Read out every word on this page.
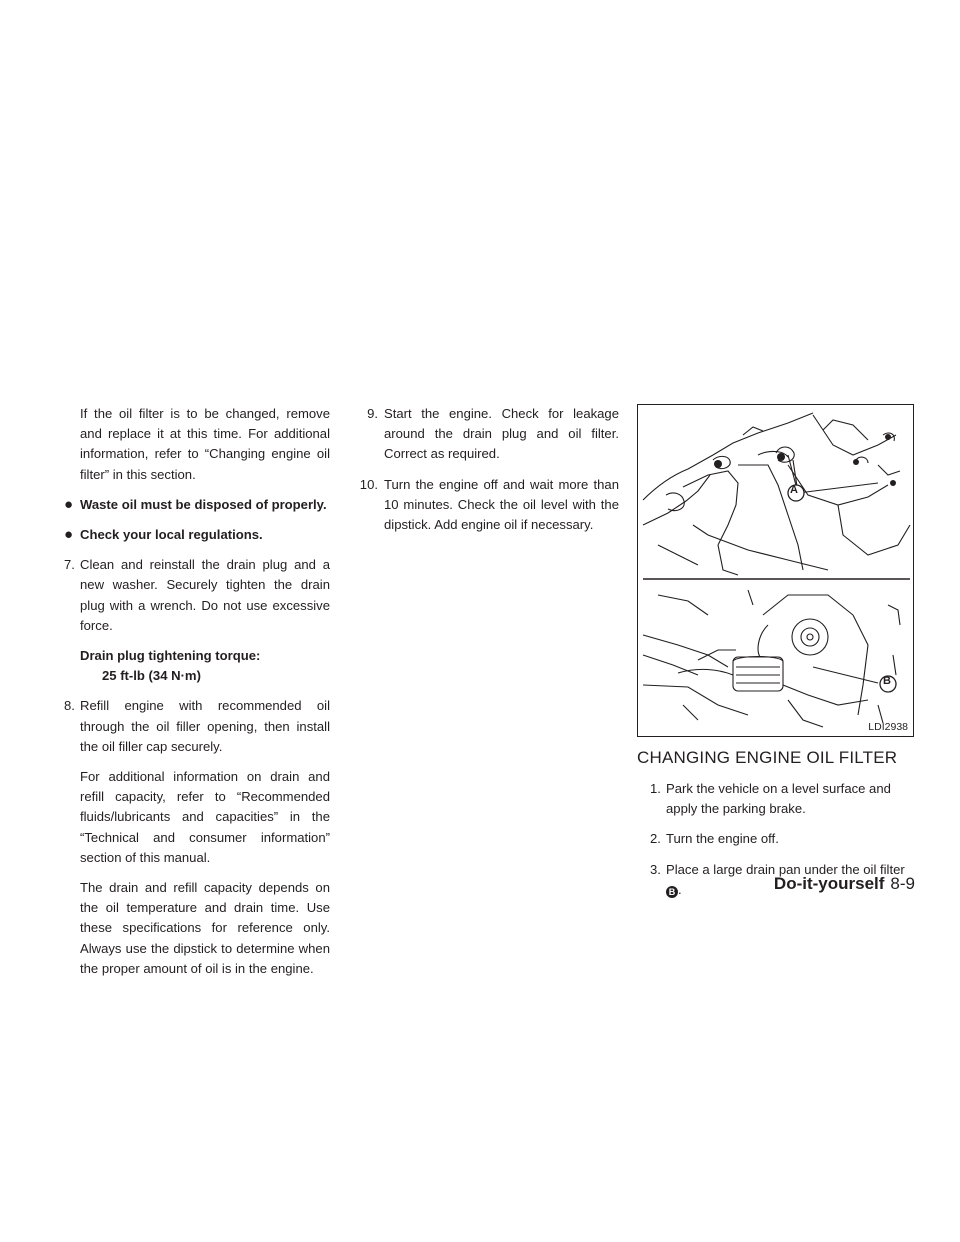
If the oil filter is to be changed, remove and replace it at this time. For additional information, refer to “Changing engine oil filter” in this section.

● Waste oil must be disposed of properly.
● Check your local regulations.
7. Clean and reinstall the drain plug and a new washer. Securely tighten the drain plug with a wrench. Do not use excessive force.
Drain plug tightening torque:
25 ft-lb (34 N·m)
8. Refill engine with recommended oil through the oil filler opening, then install the oil filler cap securely.

For additional information on drain and refill capacity, refer to “Recommended fluids/lubricants and capacities” in the “Technical and consumer information” section of this manual.

The drain and refill capacity depends on the oil temperature and drain time. Use these specifications for reference only. Always use the dipstick to determine when the proper amount of oil is in the engine.

9. Start the engine. Check for leakage around the drain plug and oil filter. Correct as required.
10. Turn the engine off and wait more than 10 minutes. Check the oil level with the dipstick. Add engine oil if necessary.
A
B
LDI2938
CHANGING ENGINE OIL FILTER
1. Park the vehicle on a level surface and apply the parking brake.
2. Turn the engine off.
3. Place a large drain pan under the oil filter B .	Do-it-yourself 8-9
